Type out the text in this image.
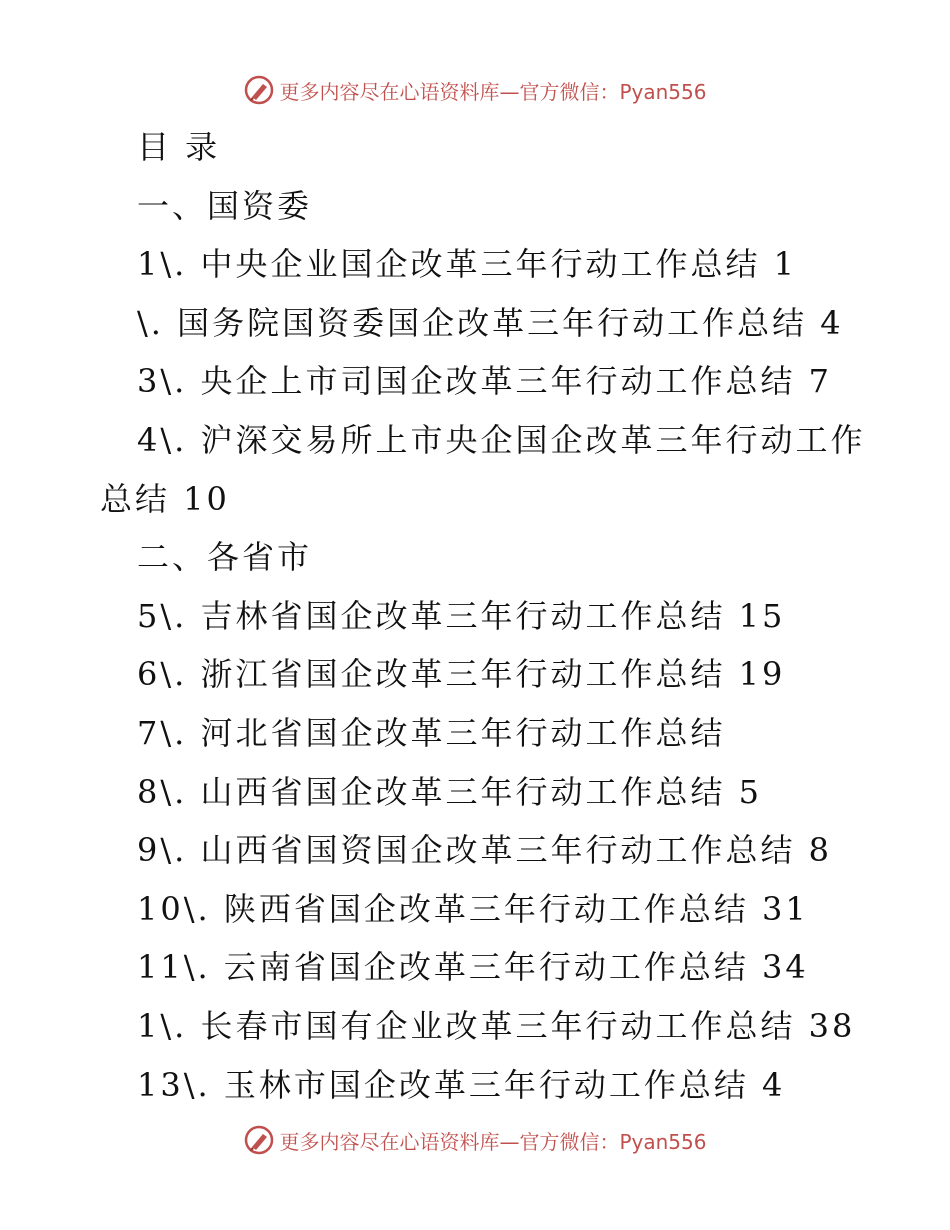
更多内容尽在心语资料库—官方微信：Pyan556
目 录
一、国资委
1\. 中央企业国企改革三年行动工作总结 1
\. 国务院国资委国企改革三年行动工作总结 4
3\. 央企上市司国企改革三年行动工作总结 7
4\. 沪深交易所上市央企国企改革三年行动工作
总结 10
二、各省市
5\. 吉林省国企改革三年行动工作总结 15
6\. 浙江省国企改革三年行动工作总结 19
7\. 河北省国企改革三年行动工作总结
8\. 山西省国企改革三年行动工作总结 5
9\. 山西省国资国企改革三年行动工作总结 8
10\. 陕西省国企改革三年行动工作总结 31
11\. 云南省国企改革三年行动工作总结 34
1\. 长春市国有企业改革三年行动工作总结 38
13\. 玉林市国企改革三年行动工作总结 4
更多内容尽在心语资料库—官方微信：Pyan556
